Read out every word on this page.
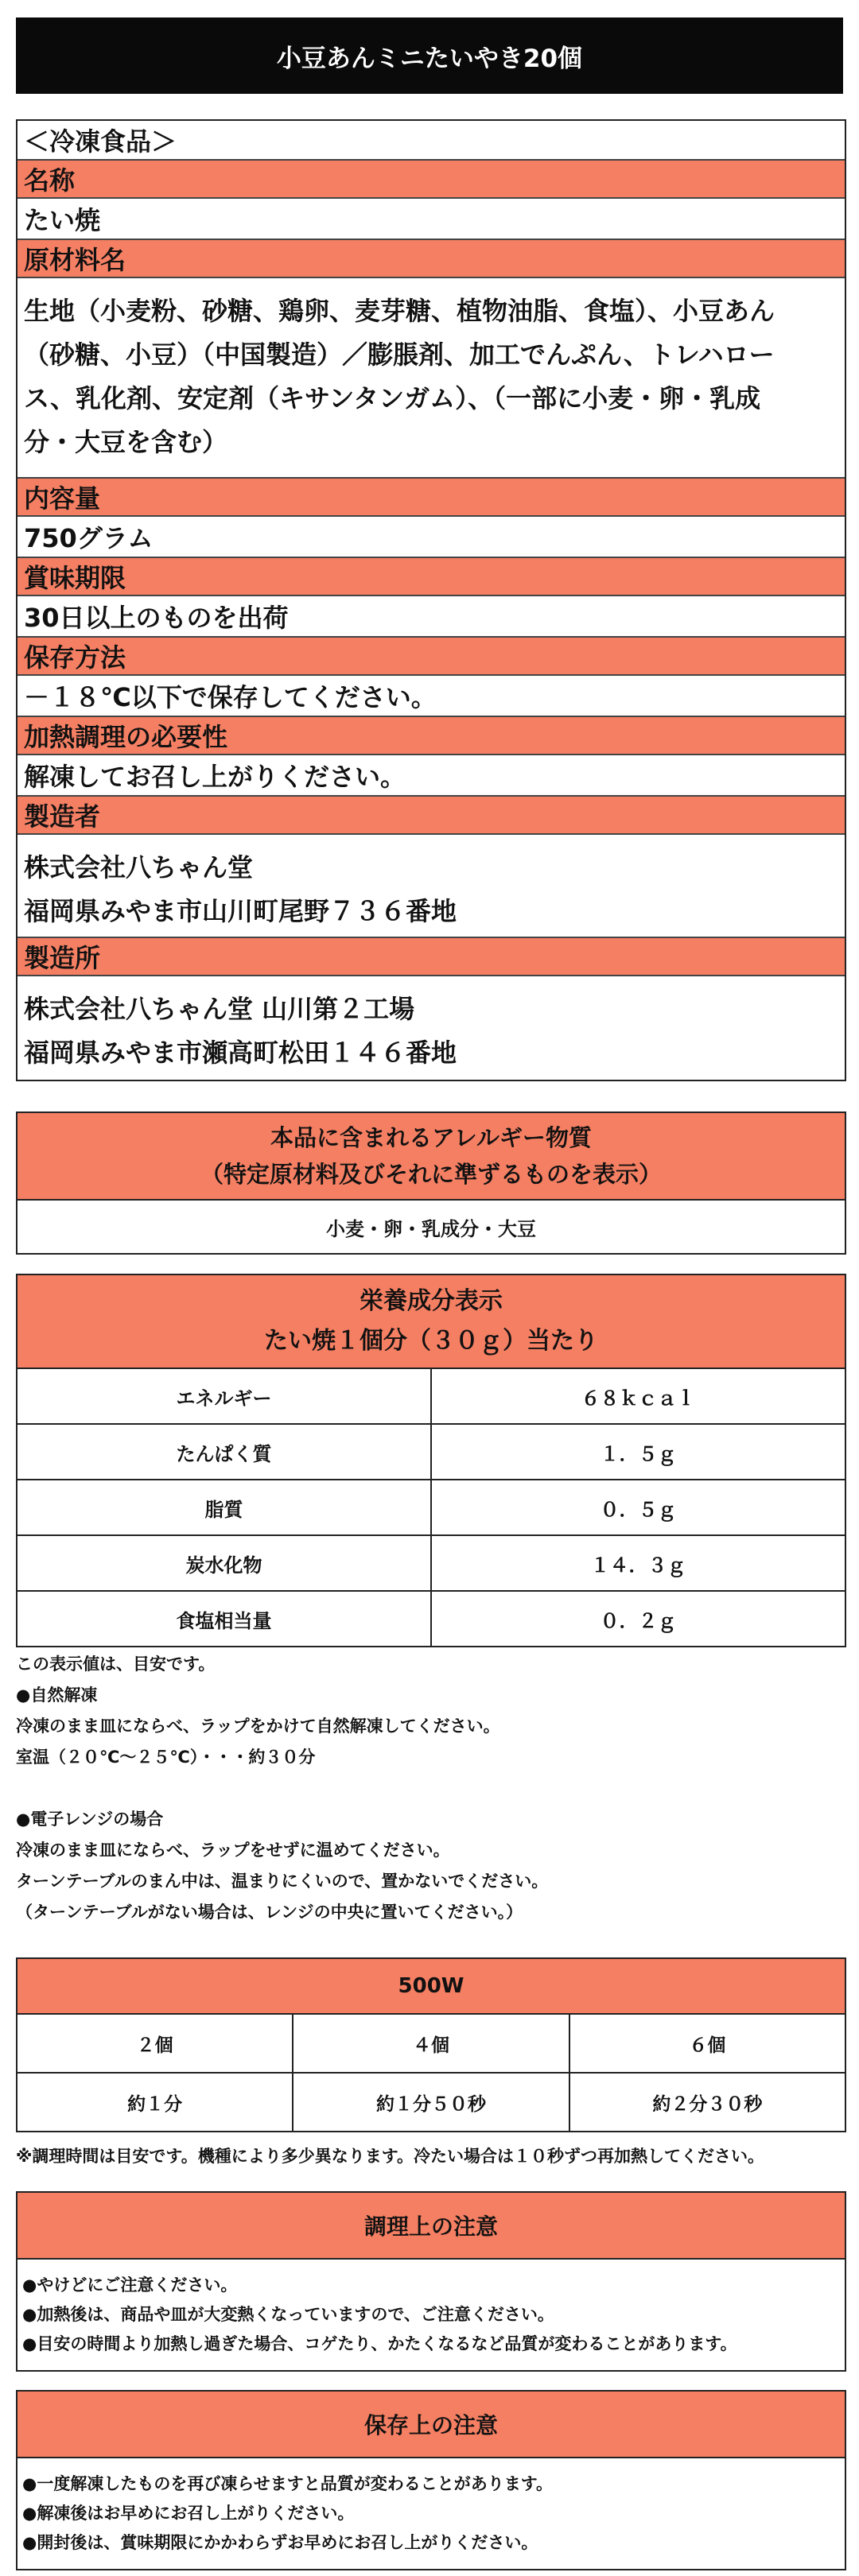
小豆あんミニたいやき20個
＜冷凍食品＞
名称
たい焼
原材料名
生地（小麦粉、砂糖、鶏卵、麦芽糖、植物油脂、食塩）、小豆あん
（砂糖、小豆）（中国製造）／膨脹剤、加工でんぷん、トレハロー
ス、乳化剤、安定剤（キサンタンガム）、（一部に小麦・卵・乳成
分・大豆を含む）
内容量
750グラム
賞味期限
30日以上のものを出荷
保存方法
－１８℃以下で保存してください。
加熱調理の必要性
解凍してお召し上がりください。
製造者
株式会社八ちゃん堂
福岡県みやま市山川町尾野７３６番地
製造所
株式会社八ちゃん堂 山川第２工場
福岡県みやま市瀬高町松田１４６番地
本品に含まれるアレルギー物質
（特定原材料及びそれに準ずるものを表示）
小麦・卵・乳成分・大豆
栄養成分表示
たい焼１個分（３０ｇ）当たり
エネルギー	６８ｋｃａｌ
たんぱく質	１．５ｇ
脂質	０．５ｇ
炭水化物	１４．３ｇ
食塩相当量	０．２ｇ
この表示値は、目安です。
●自然解凍
冷凍のまま皿にならべ、ラップをかけて自然解凍してください。
室温（２０℃～２５℃）・・・約３０分
●電子レンジの場合
冷凍のまま皿にならべ、ラップをせずに温めてください。
ターンテーブルのまん中は、温まりにくいので、置かないでください。
（ターンテーブルがない場合は、レンジの中央に置いてください。）
500W
２個	４個	６個
約１分	約１分５０秒	約２分３０秒
※調理時間は目安です。機種により多少異なります。冷たい場合は１０秒ずつ再加熱してください。
調理上の注意
●やけどにご注意ください。
●加熱後は、商品や皿が大変熱くなっていますので、ご注意ください。
●目安の時間より加熱し過ぎた場合、コゲたり、かたくなるなど品質が変わることがあります。
保存上の注意
●一度解凍したものを再び凍らせますと品質が変わることがあります。
●解凍後はお早めにお召し上がりください。
●開封後は、賞味期限にかかわらずお早めにお召し上がりください。
